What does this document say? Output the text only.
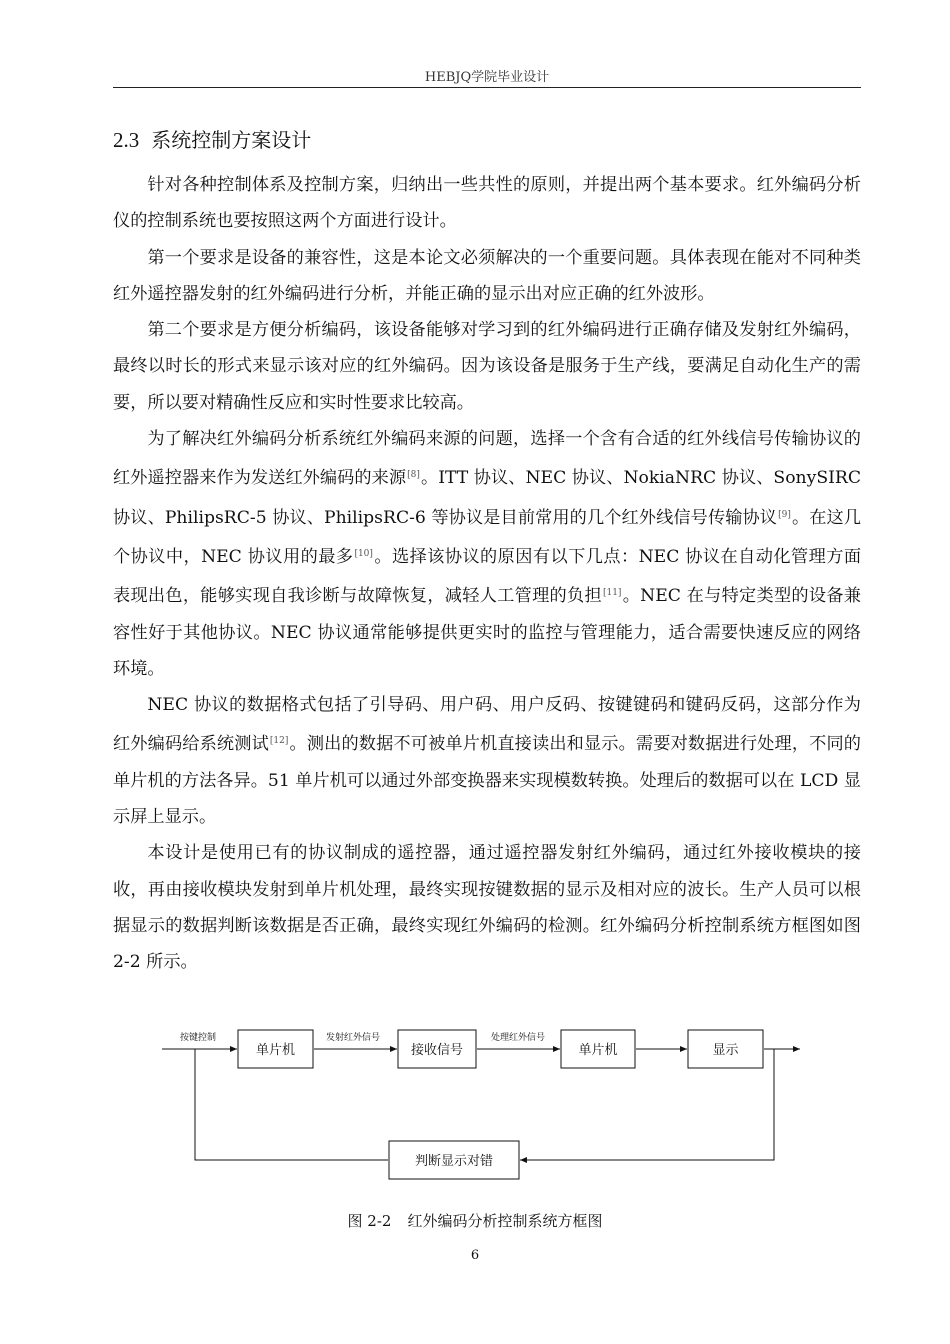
HEBJQ学院毕业设计
2.3 系统控制方案设计

针对各种控制体系及控制方案，归纳出一些共性的原则，并提出两个基本要求。红外编码分析仪的控制系统也要按照这两个方面进行设计。

第一个要求是设备的兼容性，这是本论文必须解决的一个重要问题。具体表现在能对不同种类红外遥控器发射的红外编码进行分析，并能正确的显示出对应正确的红外波形。

第二个要求是方便分析编码，该设备能够对学习到的红外编码进行正确存储及发射红外编码，最终以时长的形式来显示该对应的红外编码。因为该设备是服务于生产线，要满足自动化生产的需要，所以要对精确性反应和实时性要求比较高。

为了解决红外编码分析系统红外编码来源的问题，选择一个含有合适的红外线信号传输协议的红外遥控器来作为发送红外编码的来源[8]。ITT 协议、NEC 协议、NokiaNRC 协议、SonySIRC 协议、PhilipsRC-5 协议、PhilipsRC-6 等协议是目前常用的几个红外线信号传输协议[9]。在这几个协议中，NEC 协议用的最多[10]。选择该协议的原因有以下几点：NEC 协议在自动化管理方面表现出色，能够实现自我诊断与故障恢复，减轻人工管理的负担[11]。NEC 在与特定类型的设备兼容性好于其他协议。NEC 协议通常能够提供更实时的监控与管理能力，适合需要快速反应的网络环境。

NEC 协议的数据格式包括了引导码、用户码、用户反码、按键键码和键码反码，这部分作为红外编码给系统测试[12]。测出的数据不可被单片机直接读出和显示。需要对数据进行处理，不同的单片机的方法各异。51 单片机可以通过外部变换器来实现模数转换。处理后的数据可以在 LCD 显示屏上显示。

本设计是使用已有的协议制成的遥控器，通过遥控器发射红外编码，通过红外接收模块的接收，再由接收模块发射到单片机处理，最终实现按键数据的显示及相对应的波长。生产人员可以根据显示的数据判断该数据是否正确，最终实现红外编码的检测。红外编码分析控制系统方框图如图 2-2 所示。

按键控制
单片机
发射红外信号
接收信号
处理红外信号
单片机	显示
判断显示对错
图 2-2 红外编码分析控制系统方框图
6
